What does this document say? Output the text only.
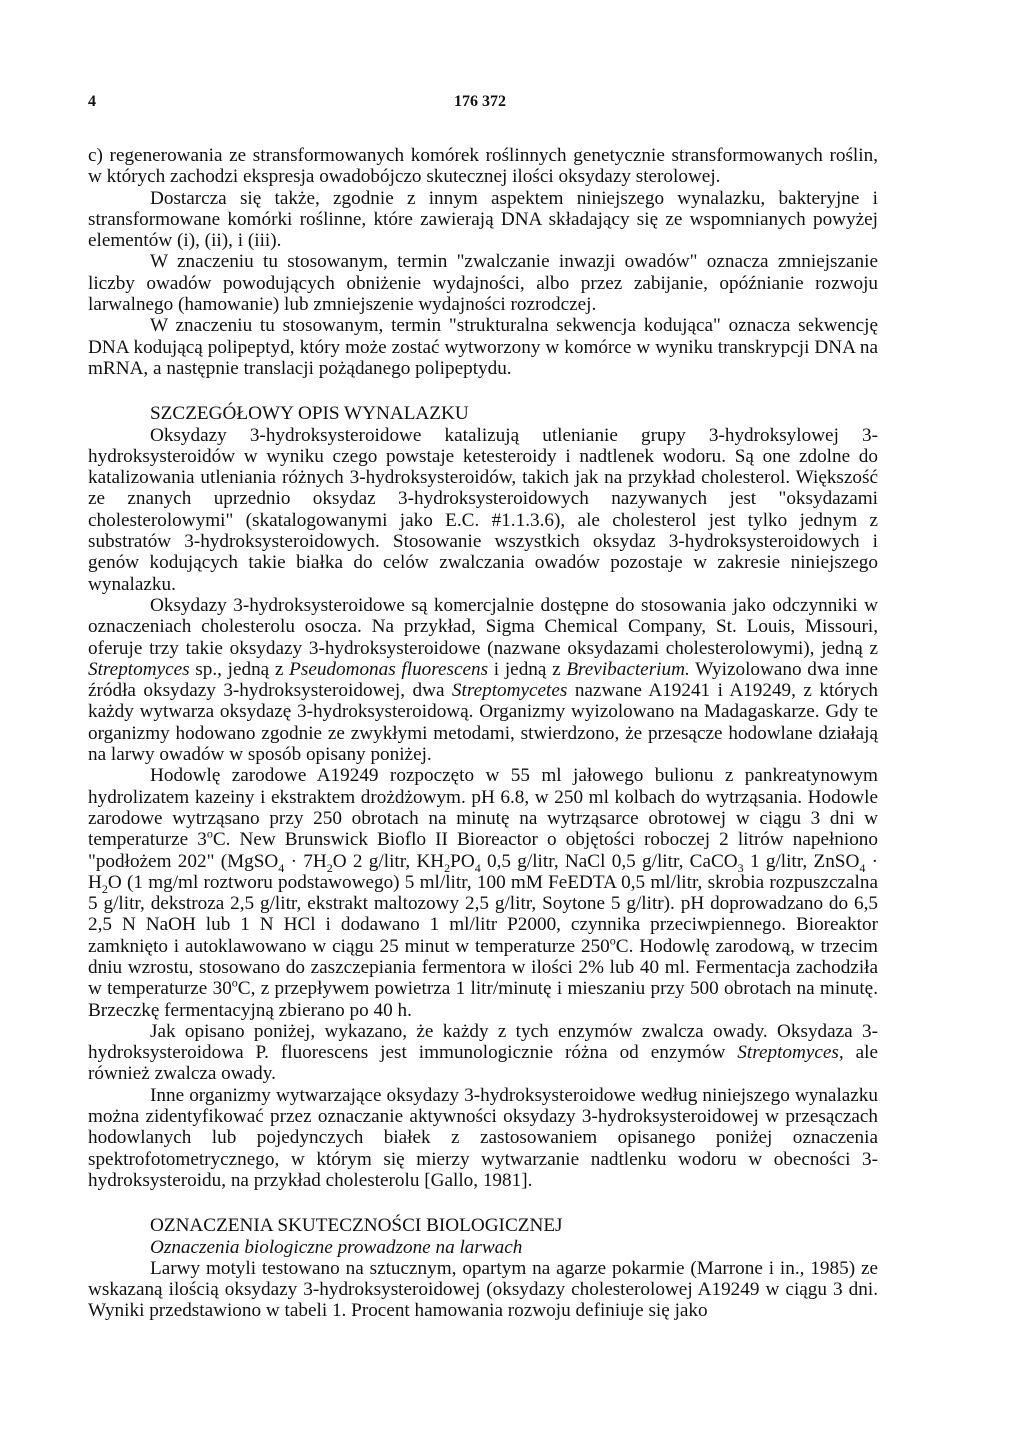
4	176 372

c) regenerowania ze stransformowanych komórek roślinnych genetycznie stransformowanych roślin, w których zachodzi ekspresja owadobójczo skutecznej ilości oksydazy sterolowej.

Dostarcza się także, zgodnie z innym aspektem niniejszego wynalazku, bakteryjne i stransformowane komórki roślinne, które zawierają DNA składający się ze wspomnianych powyżej elementów (i), (ii), i (iii).

W znaczeniu tu stosowanym, termin "zwalczanie inwazji owadów" oznacza zmniejszanie liczby owadów powodujących obniżenie wydajności, albo przez zabijanie, opóźnianie rozwoju larwalnego (hamowanie) lub zmniejszenie wydajności rozrodczej.

W znaczeniu tu stosowanym, termin "strukturalna sekwencja kodująca" oznacza sekwencję DNA kodującą polipeptyd, który może zostać wytworzony w komórce w wyniku transkrypcji DNA na mRNA, a następnie translacji pożądanego polipeptydu.

SZCZEGÓŁOWY OPIS WYNALAZKU

Oksydazy 3-hydroksysteroidowe katalizują utlenianie grupy 3-hydroksylowej 3-hydroksysteroidów w wyniku czego powstaje ketesteroidy i nadtlenek wodoru. Są one zdolne do katalizowania utleniania różnych 3-hydroksysteroidów, takich jak na przykład cholesterol. Większość ze znanych uprzednio oksydaz 3-hydroksysteroidowych nazywanych jest "oksydazami cholesterolowymi" (skatalogowanymi jako E.C. #1.1.3.6), ale cholesterol jest tylko jednym z substratów 3-hydroksysteroidowych. Stosowanie wszystkich oksydaz 3-hydroksysteroidowych i genów kodujących takie białka do celów zwalczania owadów pozostaje w zakresie niniejszego wynalazku.

Oksydazy 3-hydroksysteroidowe są komercjalnie dostępne do stosowania jako odczynniki w oznaczeniach cholesterolu osocza. Na przykład, Sigma Chemical Company, St. Louis, Missouri, oferuje trzy takie oksydazy 3-hydroksysteroidowe (nazwane oksydazami cholesterolowymi), jedną z Streptomyces sp., jedną z Pseudomonas fluorescens i jedną z Brevibacterium. Wyizolowano dwa inne źródła oksydazy 3-hydroksysteroidowej, dwa Streptomycetes nazwane A19241 i A19249, z których każdy wytwarza oksydazę 3-hydroksysteroidową. Organizmy wyizolowano na Madagaskarze. Gdy te organizmy hodowano zgodnie ze zwykłymi metodami, stwierdzono, że przesącze hodowlane działają na larwy owadów w sposób opisany poniżej.

Hodowlę zarodowe A19249 rozpoczęto w 55 ml jałowego bulionu z pankreatynowym hydrolizatem kazeiny i ekstraktem drożdżowym. pH 6.8, w 250 ml kolbach do wytrząsania. Hodowle zarodowe wytrząsano przy 250 obrotach na minutę na wytrząsarce obrotowej w ciągu 3 dni w temperaturze 3$^o$C. New Brunswick Bioflo II Bioreactor o objętości roboczej 2 litrów napełniono "podłożem 202" (MgSO$_4$ · $7H_2O$ 2 g/litr, $KH_2PO_4$ 0,5 g/litr, NaCl 0,5 g/litr, CaCO$_3$ 1 g/litr, ZnSO$_4$ · $H_2O$ (1 mg/ml roztworu podstawowego) 5 ml/litr, 100 mM FeEDTA 0,5 ml/litr, skrobia rozpuszczalna 5 g/litr, dekstroza 2,5 g/litr, ekstrakt maltozowy 2,5 g/litr, Soytone 5 g/litr). pH doprowadzano do 6,5 2,5 N NaOH lub 1 N HCl i dodawano 1 ml/litr P2000, czynnika przeciwpiennego. Bioreaktor zamknięto i autoklawowano w ciągu 25 minut w temperaturze 250$^o$C. Hodowlę zarodową, w trzecim dniu wzrostu, stosowano do zaszczepiania fermentora w ilości 2% lub 40 ml. Fermentacja zachodziła w temperaturze 30$^o$C, z przepływem powietrza 1 litr/minutę i mieszaniu przy 500 obrotach na minutę. Brzeczkę fermentacyjną zbierano po 40 h.

Jak opisano poniżej, wykazano, że każdy z tych enzymów zwalcza owady. Oksydaza 3-hydroksysteroidowa P. fluorescens jest immunologicznie różna od enzymów Streptomyces, ale również zwalcza owady.

Inne organizmy wytwarzające oksydazy 3-hydroksysteroidowe według niniejszego wynalazku można zidentyfikować przez oznaczanie aktywności oksydazy 3-hydroksysteroidowej w przesączach hodowlanych lub pojedynczych białek z zastosowaniem opisanego poniżej oznaczenia spektrofotometrycznego, w którym się mierzy wytwarzanie nadtlenku wodoru w obecności 3-hydroksysteroidu, na przykład cholesterolu [Gallo, 1981].

OZNACZENIA SKUTECZNOŚCI BIOLOGICZNEJ
Oznaczenia biologiczne prowadzone na larwach

Larwy motyli testowano na sztucznym, opartym na agarze pokarmie (Marrone i in., 1985) ze wskazaną ilością oksydazy 3-hydroksysteroidowej (oksydazy cholesterolowej A19249 w ciągu 3 dni. Wyniki przedstawiono w tabeli 1. Procent hamowania rozwoju definiuje się jako
